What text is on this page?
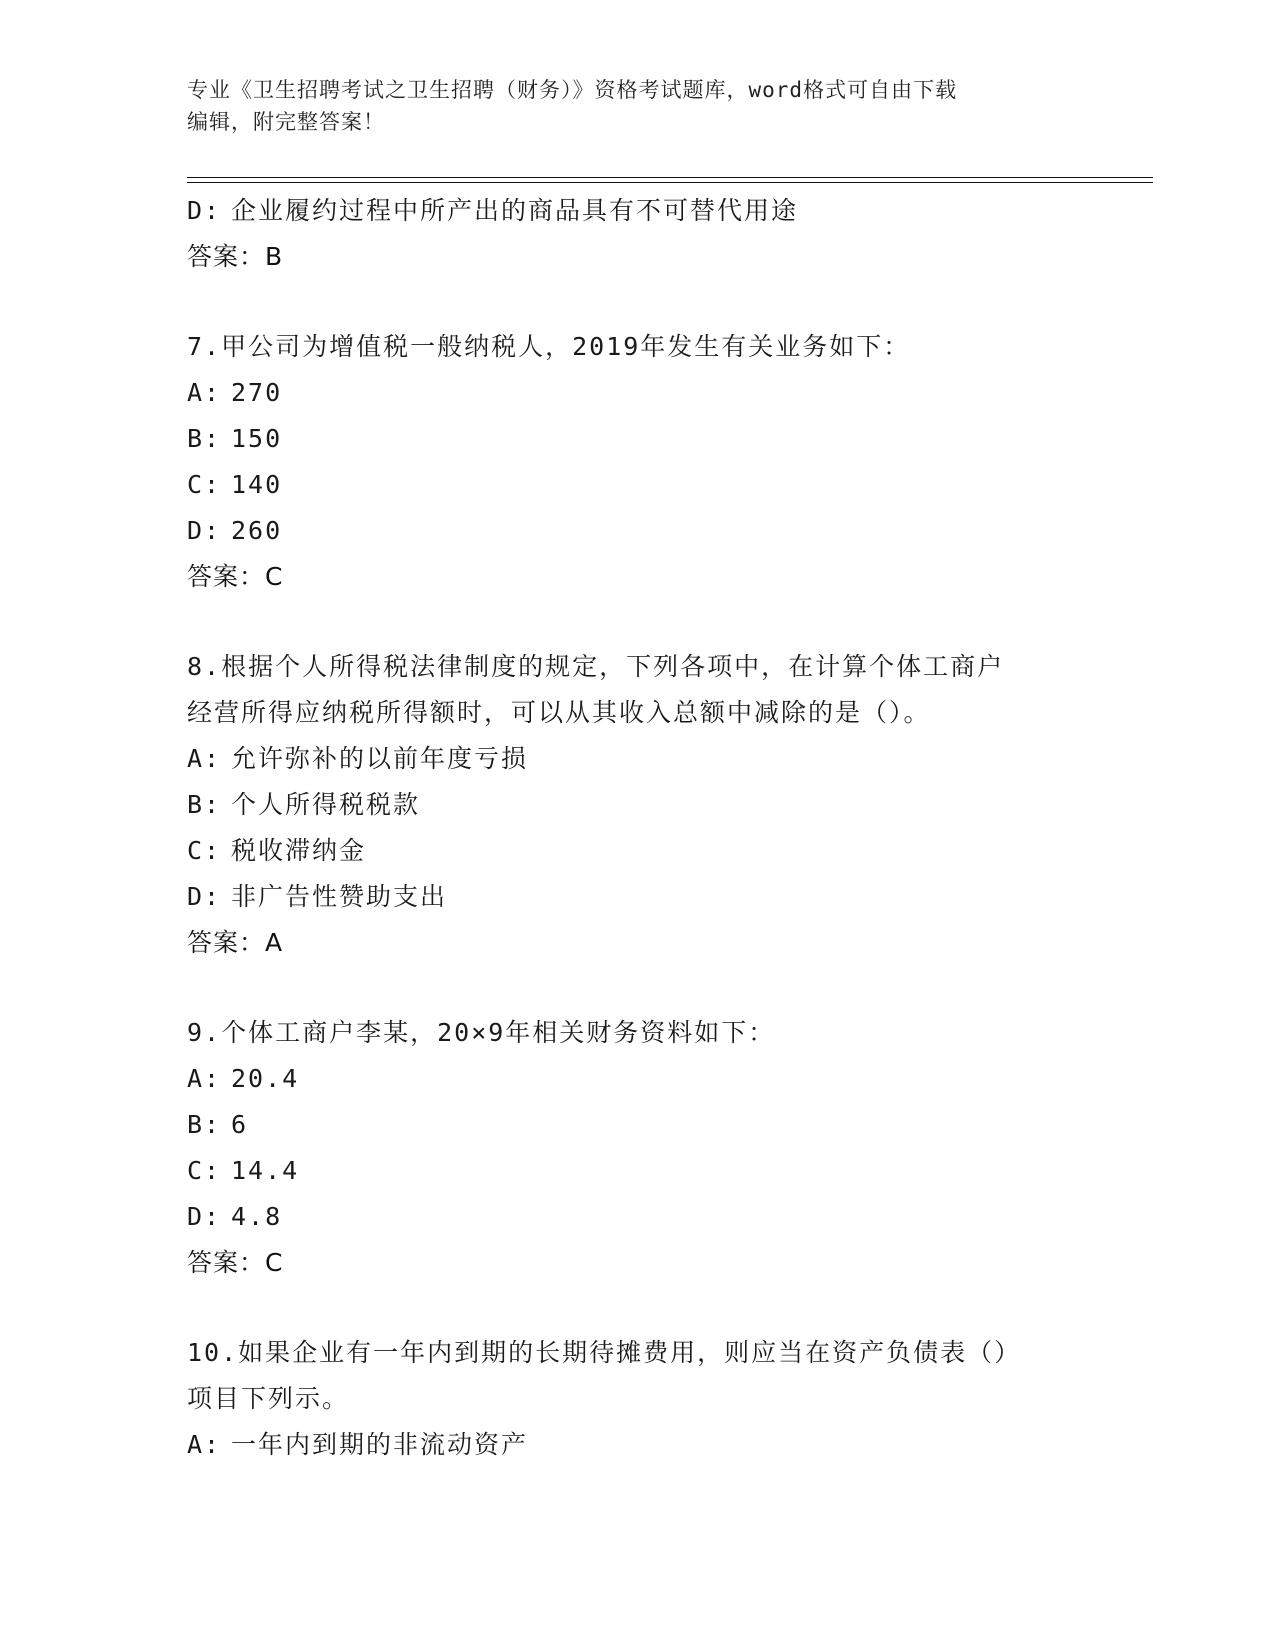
专业《卫生招聘考试之卫生招聘（财务）》资格考试题库，word格式可自由下载
编辑，附完整答案！
D: 企业履约过程中所产出的商品具有不可替代用途
答案：B
7.甲公司为增值税一般纳税人，2019年发生有关业务如下：
A: 270
B: 150
C: 140
D: 260
答案：C
8.根据个人所得税法律制度的规定，下列各项中，在计算个体工商户
经营所得应纳税所得额时，可以从其收入总额中减除的是（）。
A: 允许弥补的以前年度亏损
B: 个人所得税税款
C: 税收滞纳金
D: 非广告性赞助支出
答案：A
9.个体工商户李某，20×9年相关财务资料如下：
A: 20.4
B: 6
C: 14.4
D: 4.8
答案：C
10.如果企业有一年内到期的长期待摊费用，则应当在资产负债表（）
项目下列示。
A: 一年内到期的非流动资产
